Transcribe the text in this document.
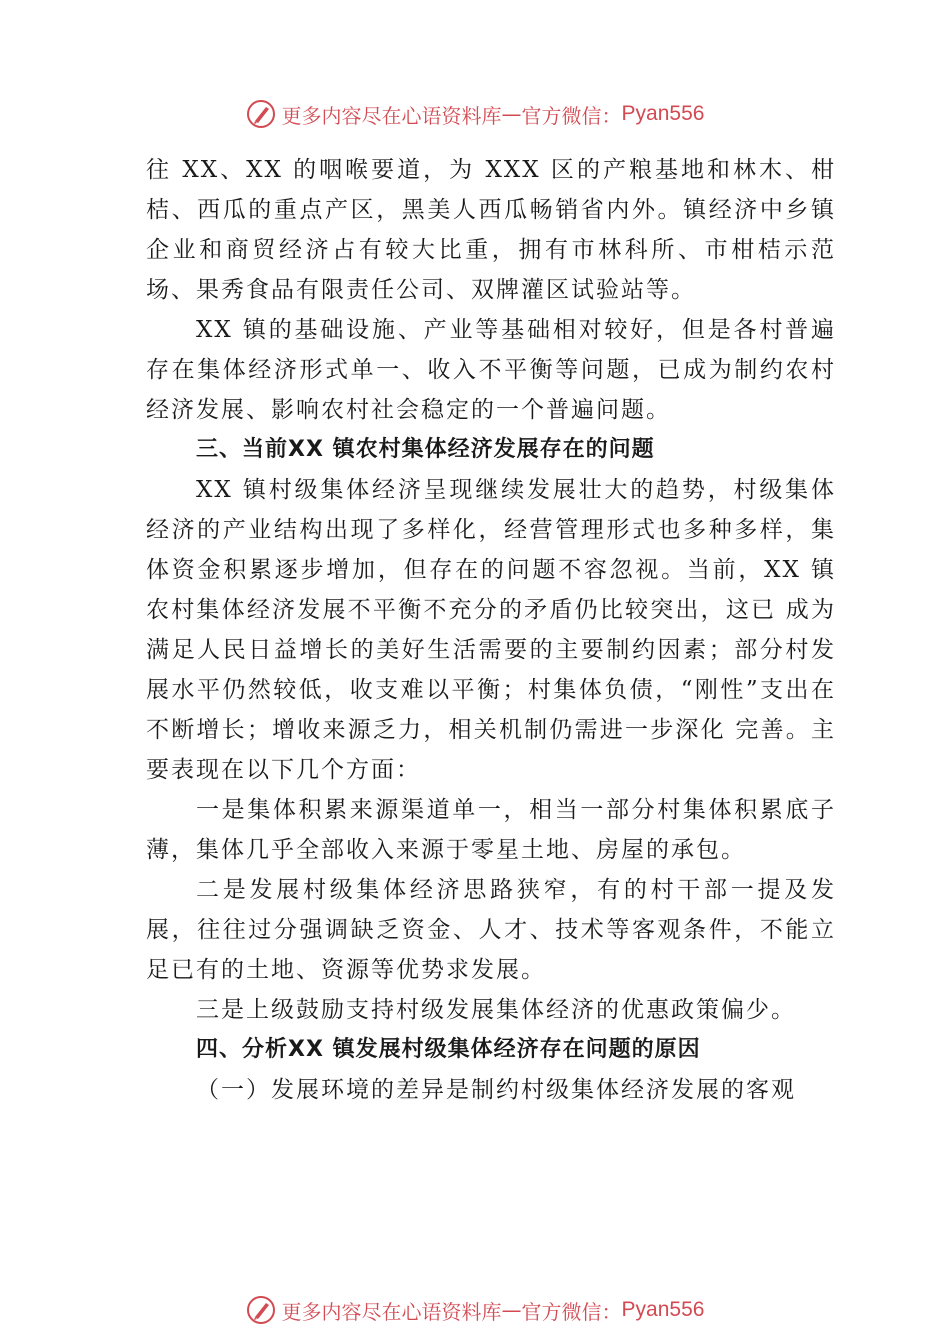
更多内容尽在心语资料库 — 官方微信： Pyan556

往 XX、XX 的咽喉要道，为 XXX 区的产粮基地和林木、柑桔、西瓜的重点产区，黑美人西瓜畅销省内外。镇经济中乡镇企业和商贸经济占有较大比重，拥有市林科所、市柑桔示范场、果秀食品有限责任公司、双牌灌区试验站等。

XX 镇的基础设施、产业等基础相对较好，但是各村普遍存在集体经济形式单一、收入不平衡等问题，已成为制约农村经济发展、影响农村社会稳定的一个普遍问题。

三、当前XX 镇农村集体经济发展存在的问题

XX 镇村级集体经济呈现继续发展壮大的趋势，村级集体经济的产业结构出现了多样化，经营管理形式也多种多样，集体资金积累逐步增加，但存在的问题不容忽视。当前，XX 镇农村集体经济发展不平衡不充分的矛盾仍比较突出，这已 成为满足人民日益增长的美好生活需要的主要制约因素；部分村发展水平仍然较低，收支难以平衡；村集体负债，“刚性”支出在不断增长；增收来源乏力，相关机制仍需进一步深化 完善。主要表现在以下几个方面：

一是集体积累来源渠道单一，相当一部分村集体积累底子薄，集体几乎全部收入来源于零星土地、房屋的承包。

二是发展村级集体经济思路狭窄，有的村干部一提及发展，往往过分强调缺乏资金、人才、技术等客观条件，不能立足已有的土地、资源等优势求发展。

三是上级鼓励支持村级发展集体经济的优惠政策偏少。

四、分析XX 镇发展村级集体经济存在问题的原因

（一）发展环境的差异是制约村级集体经济发展的客观

更多内容尽在心语资料库 — 官方微信： Pyan556
